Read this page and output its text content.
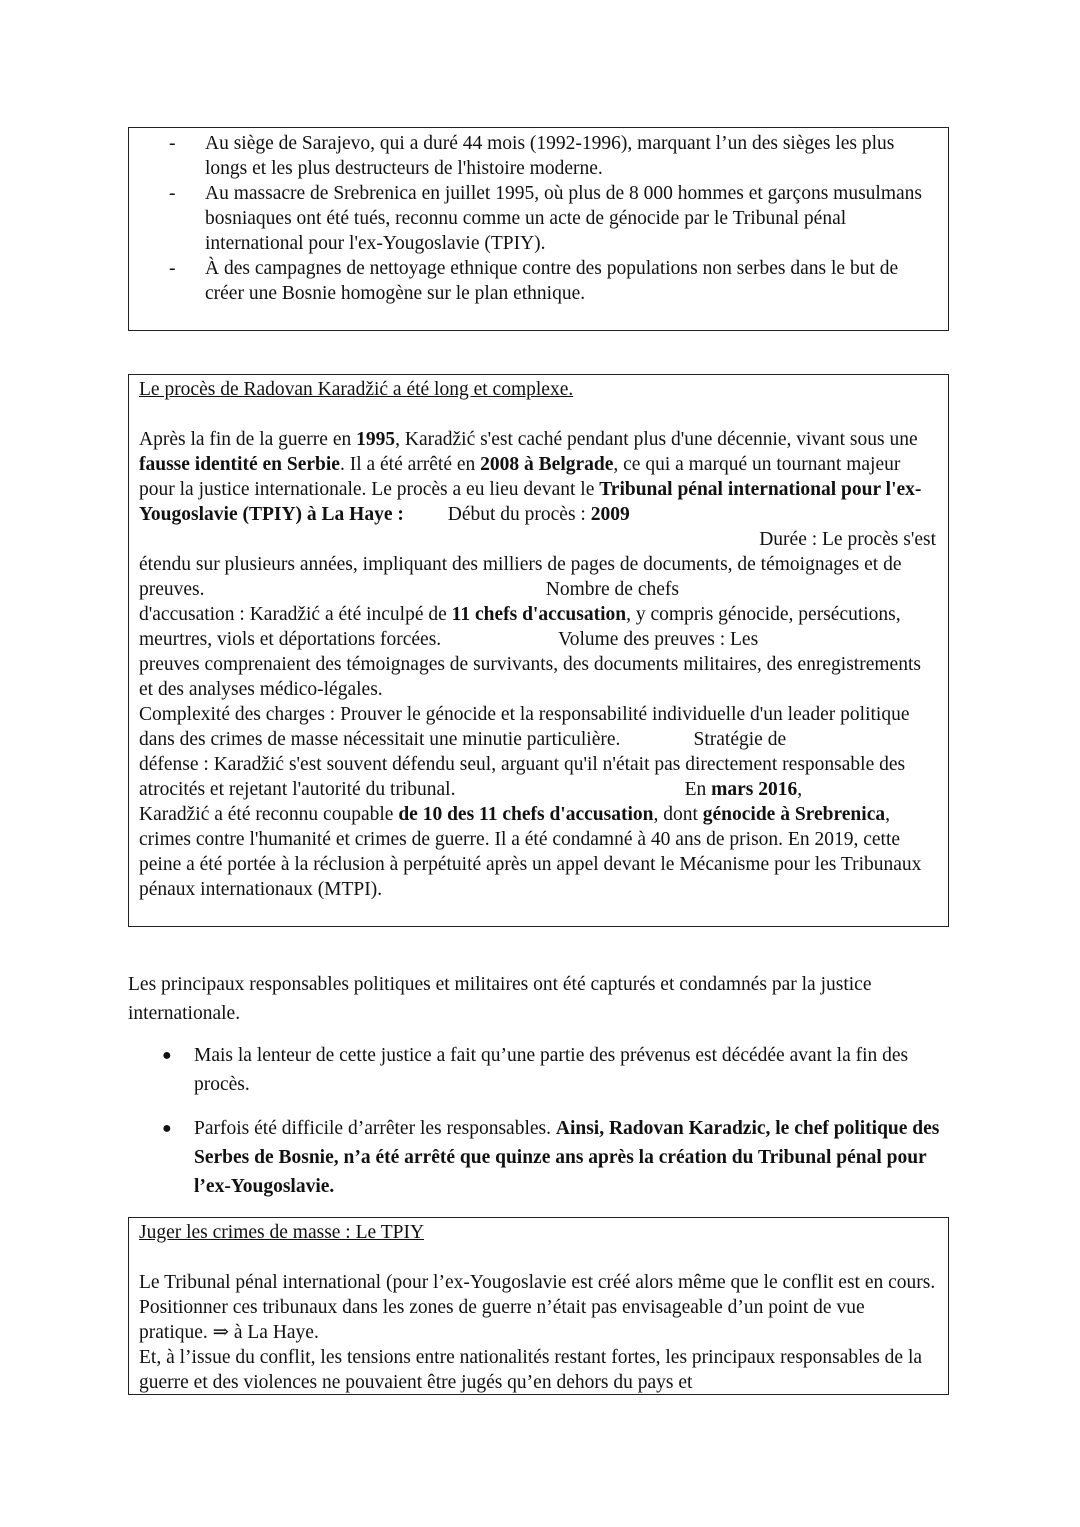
- Au siège de Sarajevo, qui a duré 44 mois (1992-1996), marquant l’un des sièges les plus longs et les plus destructeurs de l'histoire moderne.
- Au massacre de Srebrenica en juillet 1995, où plus de 8 000 hommes et garçons musulmans bosniaques ont été tués, reconnu comme un acte de génocide par le Tribunal pénal international pour l'ex-Yougoslavie (TPIY).
- À des campagnes de nettoyage ethnique contre des populations non serbes dans le but de créer une Bosnie homogène sur le plan ethnique.

Le procès de Radovan Karadžić a été long et complexe.

Après la fin de la guerre en 1995, Karadžić s'est caché pendant plus d'une décennie, vivant sous une fausse identité en Serbie. Il a été arrêté en 2008 à Belgrade, ce qui a marqué un tournant majeur pour la justice internationale. Le procès a eu lieu devant le Tribunal pénal international pour l'ex-Yougoslavie (TPIY) à La Haye : Début du procès : 2009

Durée : Le procès s'est

étendu sur plusieurs années, impliquant des milliers de pages de documents, de témoignages et de preuves.	Nombre de chefs

d'accusation : Karadžić a été inculpé de 11 chefs d'accusation, y compris génocide, persécutions, meurtres, viols et déportations forcées.	Volume des preuves : Les

preuves comprenaient des témoignages de survivants, des documents militaires, des enregistrements et des analyses médico-légales.

Complexité des charges : Prouver le génocide et la responsabilité individuelle d'un leader politique dans des crimes de masse nécessitait une minutie particulière.	Stratégie de

défense : Karadžić s'est souvent défendu seul, arguant qu'il n'était pas directement responsable des atrocités et rejetant l'autorité du tribunal.	En mars 2016,

Karadžić a été reconnu coupable de 10 des 11 chefs d'accusation, dont génocide à Srebrenica, crimes contre l'humanité et crimes de guerre. Il a été condamné à 40 ans de prison. En 2019, cette peine a été portée à la réclusion à perpétuité après un appel devant le Mécanisme pour les Tribunaux pénaux internationaux (MTPI).

Les principaux responsables politiques et militaires ont été capturés et condamnés par la justice internationale.

● Mais la lenteur de cette justice a fait qu’une partie des prévenus est décédée avant la fin des procès.
● Parfois été difficile d’arrêter les responsables. Ainsi, Radovan Karadzic, le chef politique des Serbes de Bosnie, n’a été arrêté que quinze ans après la création du Tribunal pénal pour l’ex-Yougoslavie.

Juger les crimes de masse : Le TPIY

Le Tribunal pénal international (pour l’ex-Yougoslavie est créé alors même que le conflit est en cours. Positionner ces tribunaux dans les zones de guerre n’était pas envisageable d’un point de vue pratique. ⇒ à La Haye.

Et, à l’issue du conflit, les tensions entre nationalités restant fortes, les principaux responsables de la guerre et des violences ne pouvaient être jugés qu’en dehors du pays et
